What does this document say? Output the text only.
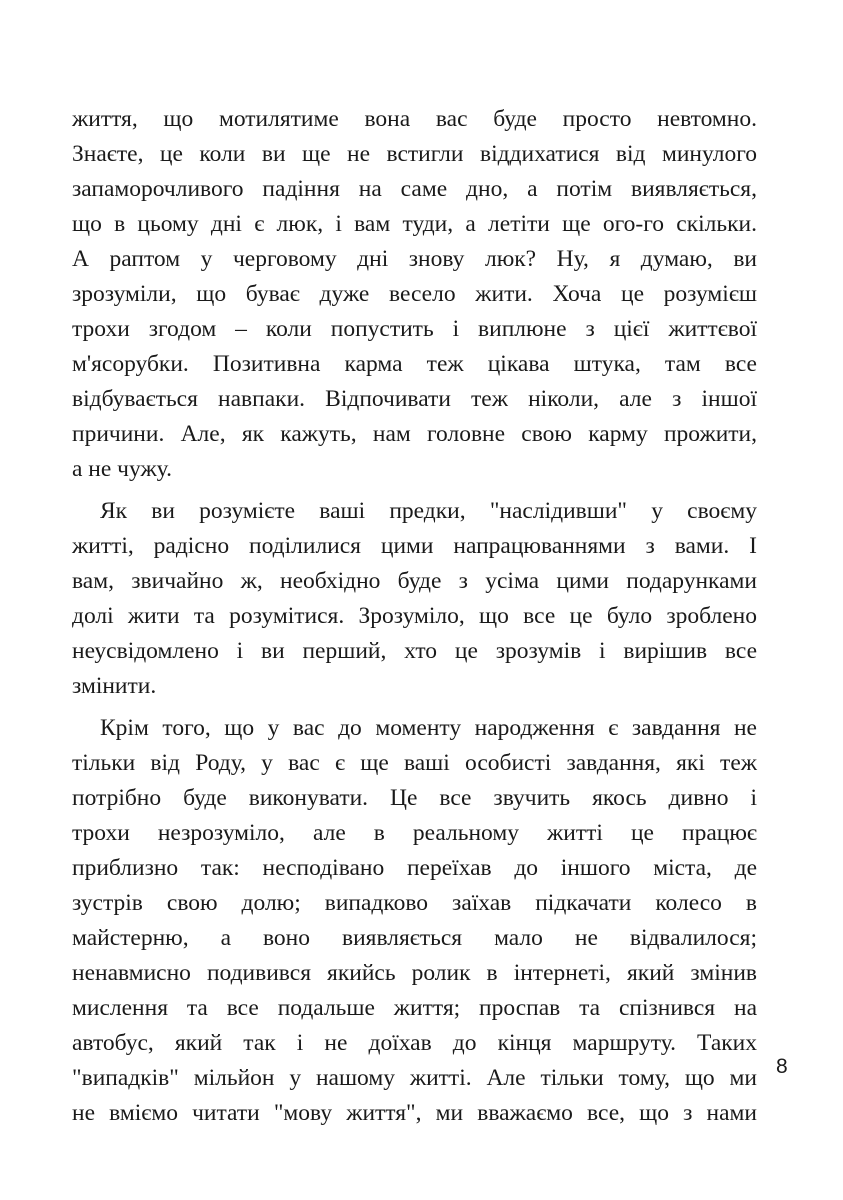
життя, що мотилятиме вона вас буде просто невтомно.
Знаєте, це коли ви ще не встигли віддихатися від минулого
запаморочливого падіння на саме дно, а потім виявляється,
що в цьому дні є люк, і вам туди, а летіти ще ого-го скільки.
А раптом у черговому дні знову люк? Ну, я думаю, ви
зрозуміли, що буває дуже весело жити. Хоча це розумієш
трохи згодом – коли попустить і виплюне з цієї життєвої
м'ясорубки. Позитивна карма теж цікава штука, там все
відбувається навпаки. Відпочивати теж ніколи, але з іншої
причини. Але, як кажуть, нам головне свою карму прожити,
а не чужу.

Як ви розумієте ваші предки, "наслідивши" у своєму
житті, радісно поділилися цими напрацюваннями з вами. І
вам, звичайно ж, необхідно буде з усіма цими подарунками
долі жити та розумітися. Зрозуміло, що все це було зроблено
неусвідомлено і ви перший, хто це зрозумів і вирішив все
змінити.

Крім того, що у вас до моменту народження є завдання не
тільки від Роду, у вас є ще ваші особисті завдання, які теж
потрібно буде виконувати. Це все звучить якось дивно і
трохи незрозуміло, але в реальному житті це працює
приблизно так: несподівано переїхав до іншого міста, де
зустрів свою долю; випадково заїхав підкачати колесо в
майстерню, а воно виявляється мало не відвалилося;
ненавмисно подивився якийсь ролик в інтернеті, який змінив
мислення та все подальше життя; проспав та спізнився на
автобус, який так і не доїхав до кінця маршруту. Таких
"випадків" мільйон у нашому житті. Але тільки тому, що ми
не вміємо читати "мову життя", ми вважаємо все, що з нами

8
